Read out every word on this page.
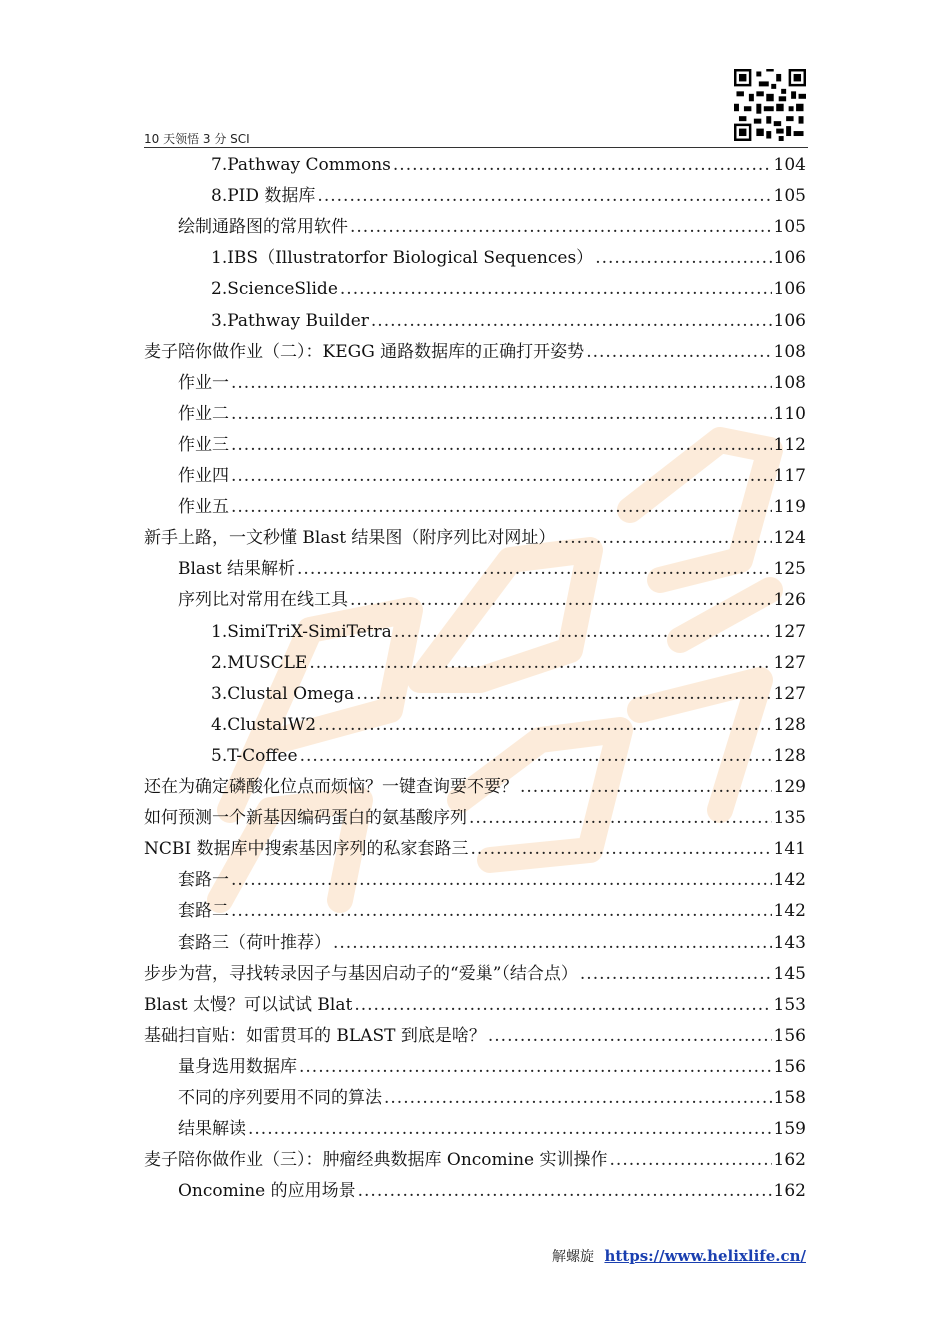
10 天领悟 3 分 SCI
7.Pathway Commons .....	104
8.PID 数据库 .....	105
绘制通路图的常用软件 .....	105
1.IBS（Illustratorfor Biological Sequences） .....	106
2.ScienceSlide .....	106
3.Pathway Builder .....	106
麦子陪你做作业（二）：KEGG 通路数据库的正确打开姿势 .....	108
作业一 .....	108
作业二 .....	110
作业三 .....	112
作业四 .....	117
作业五 .....	119
新手上路，一文秒懂 Blast 结果图（附序列比对网址） .....	124
Blast 结果解析 .....	125
序列比对常用在线工具 .....	126
1.SimiTriX-SimiTetra .....	127
2.MUSCLE .....	127
3.Clustal Omega .....	127
4.ClustalW2 .....	128
5.T-Coffee .....	128
还在为确定磷酸化位点而烦恼？一键查询要不要？ .....	129
如何预测一个新基因编码蛋白的氨基酸序列 .....	135
NCBI 数据库中搜索基因序列的私家套路三 .....	141
套路一 .....	142
套路二 .....	142
套路三（荷叶推荐） .....	143
步步为营，寻找转录因子与基因启动子的“爱巢”（结合点） .....	145
Blast 太慢？可以试试 Blat .....	153
基础扫盲贴：如雷贯耳的 BLAST 到底是啥？ .....	156
量身选用数据库 .....	156
不同的序列要用不同的算法 .....	158
结果解读 .....	159
麦子陪你做作业（三）：肿瘤经典数据库 Oncomine 实训操作 .....	162
Oncomine 的应用场景 .....	162
解螺旋 https://www.helixlife.cn/
